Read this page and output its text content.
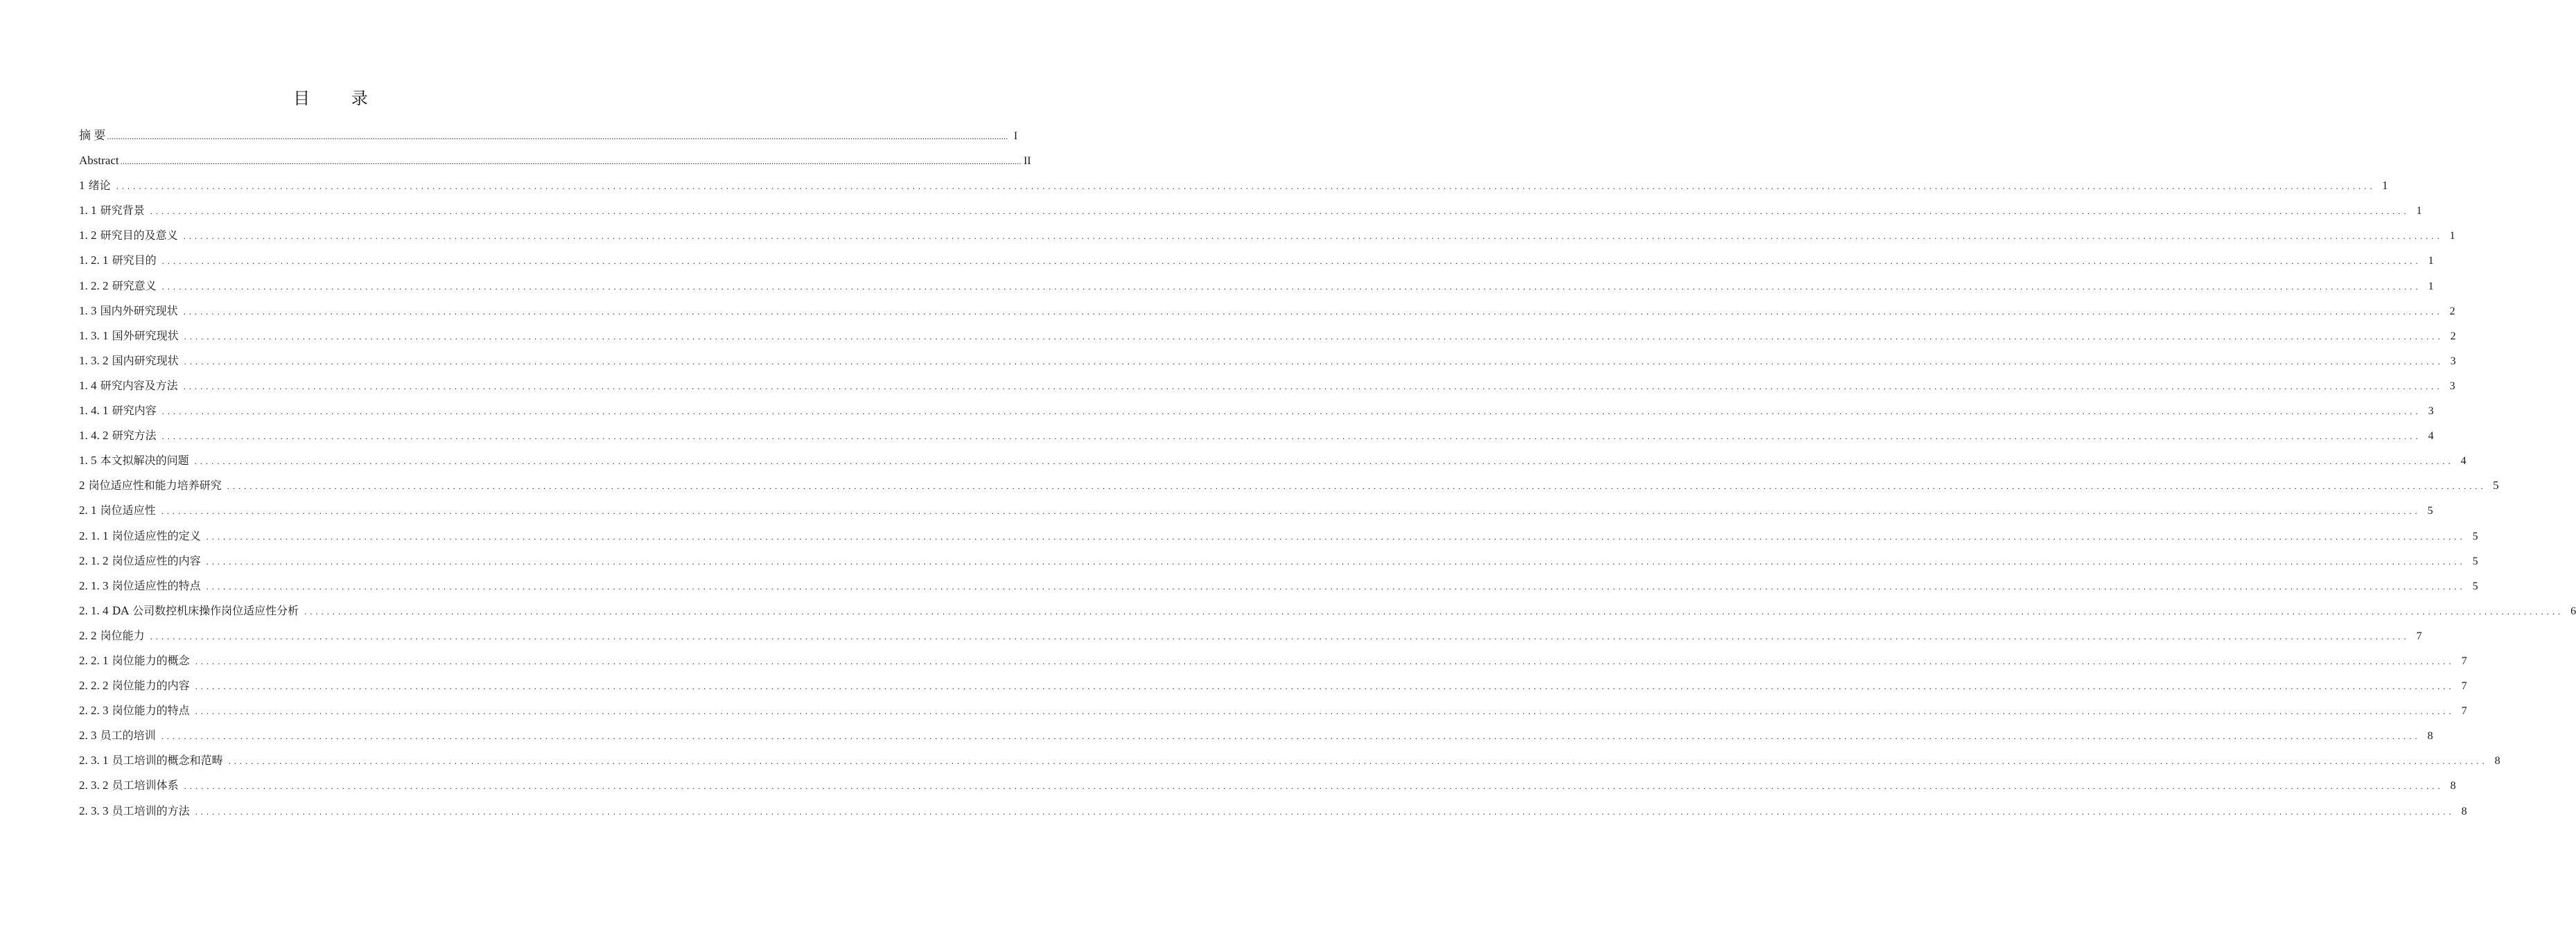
目 录
摘 要 ................................................................................................................................................................................................................................................................................................................................................................................................................ I
Abstract ................................................................................................................................................................................................................................................................................................................................................................................................................ II
1 绪论 ................................................................................................................................................................................................................................................................................................................................................................................................................ 1
1. 1 研究背景 ................................................................................................................................................................................................................................................................................................................................................................................................................ 1
1. 2 研究目的及意义 ................................................................................................................................................................................................................................................................................................................................................................................................................ 1
1. 2. 1 研究目的 ................................................................................................................................................................................................................................................................................................................................................................................................................ 1
1. 2. 2 研究意义 ................................................................................................................................................................................................................................................................................................................................................................................................................ 1
1. 3 国内外研究现状 ................................................................................................................................................................................................................................................................................................................................................................................................................ 2
1. 3. 1 国外研究现状 ................................................................................................................................................................................................................................................................................................................................................................................................................ 2
1. 3. 2 国内研究现状 ................................................................................................................................................................................................................................................................................................................................................................................................................ 3
1. 4 研究内容及方法 ................................................................................................................................................................................................................................................................................................................................................................................................................ 3
1. 4. 1 研究内容 ................................................................................................................................................................................................................................................................................................................................................................................................................ 3
1. 4. 2 研究方法 ................................................................................................................................................................................................................................................................................................................................................................................................................ 4
1. 5 本文拟解决的问题 ................................................................................................................................................................................................................................................................................................................................................................................................................ 4
2 岗位适应性和能力培养研究 ................................................................................................................................................................................................................................................................................................................................................................................................................ 5
2. 1 岗位适应性 ................................................................................................................................................................................................................................................................................................................................................................................................................ 5
2. 1. 1 岗位适应性的定义 ................................................................................................................................................................................................................................................................................................................................................................................................................ 5
2. 1. 2 岗位适应性的内容 ................................................................................................................................................................................................................................................................................................................................................................................................................ 5
2. 1. 3 岗位适应性的特点 ................................................................................................................................................................................................................................................................................................................................................................................................................ 5
2. 1. 4 DA 公司数控机床操作岗位适应性分析 ................................................................................................................................................................................................................................................................................................................................................................................................................ 6
2. 2 岗位能力 ................................................................................................................................................................................................................................................................................................................................................................................................................ 7
2. 2. 1 岗位能力的概念 ................................................................................................................................................................................................................................................................................................................................................................................................................ 7
2. 2. 2 岗位能力的内容 ................................................................................................................................................................................................................................................................................................................................................................................................................ 7
2. 2. 3 岗位能力的特点 ................................................................................................................................................................................................................................................................................................................................................................................................................ 7
2. 3 员工的培训 ................................................................................................................................................................................................................................................................................................................................................................................................................ 8
2. 3. 1 员工培训的概念和范畴 ................................................................................................................................................................................................................................................................................................................................................................................................................ 8
2. 3. 2 员工培训体系 ................................................................................................................................................................................................................................................................................................................................................................................................................ 8
2. 3. 3 员工培训的方法 ................................................................................................................................................................................................................................................................................................................................................................................................................ 8
